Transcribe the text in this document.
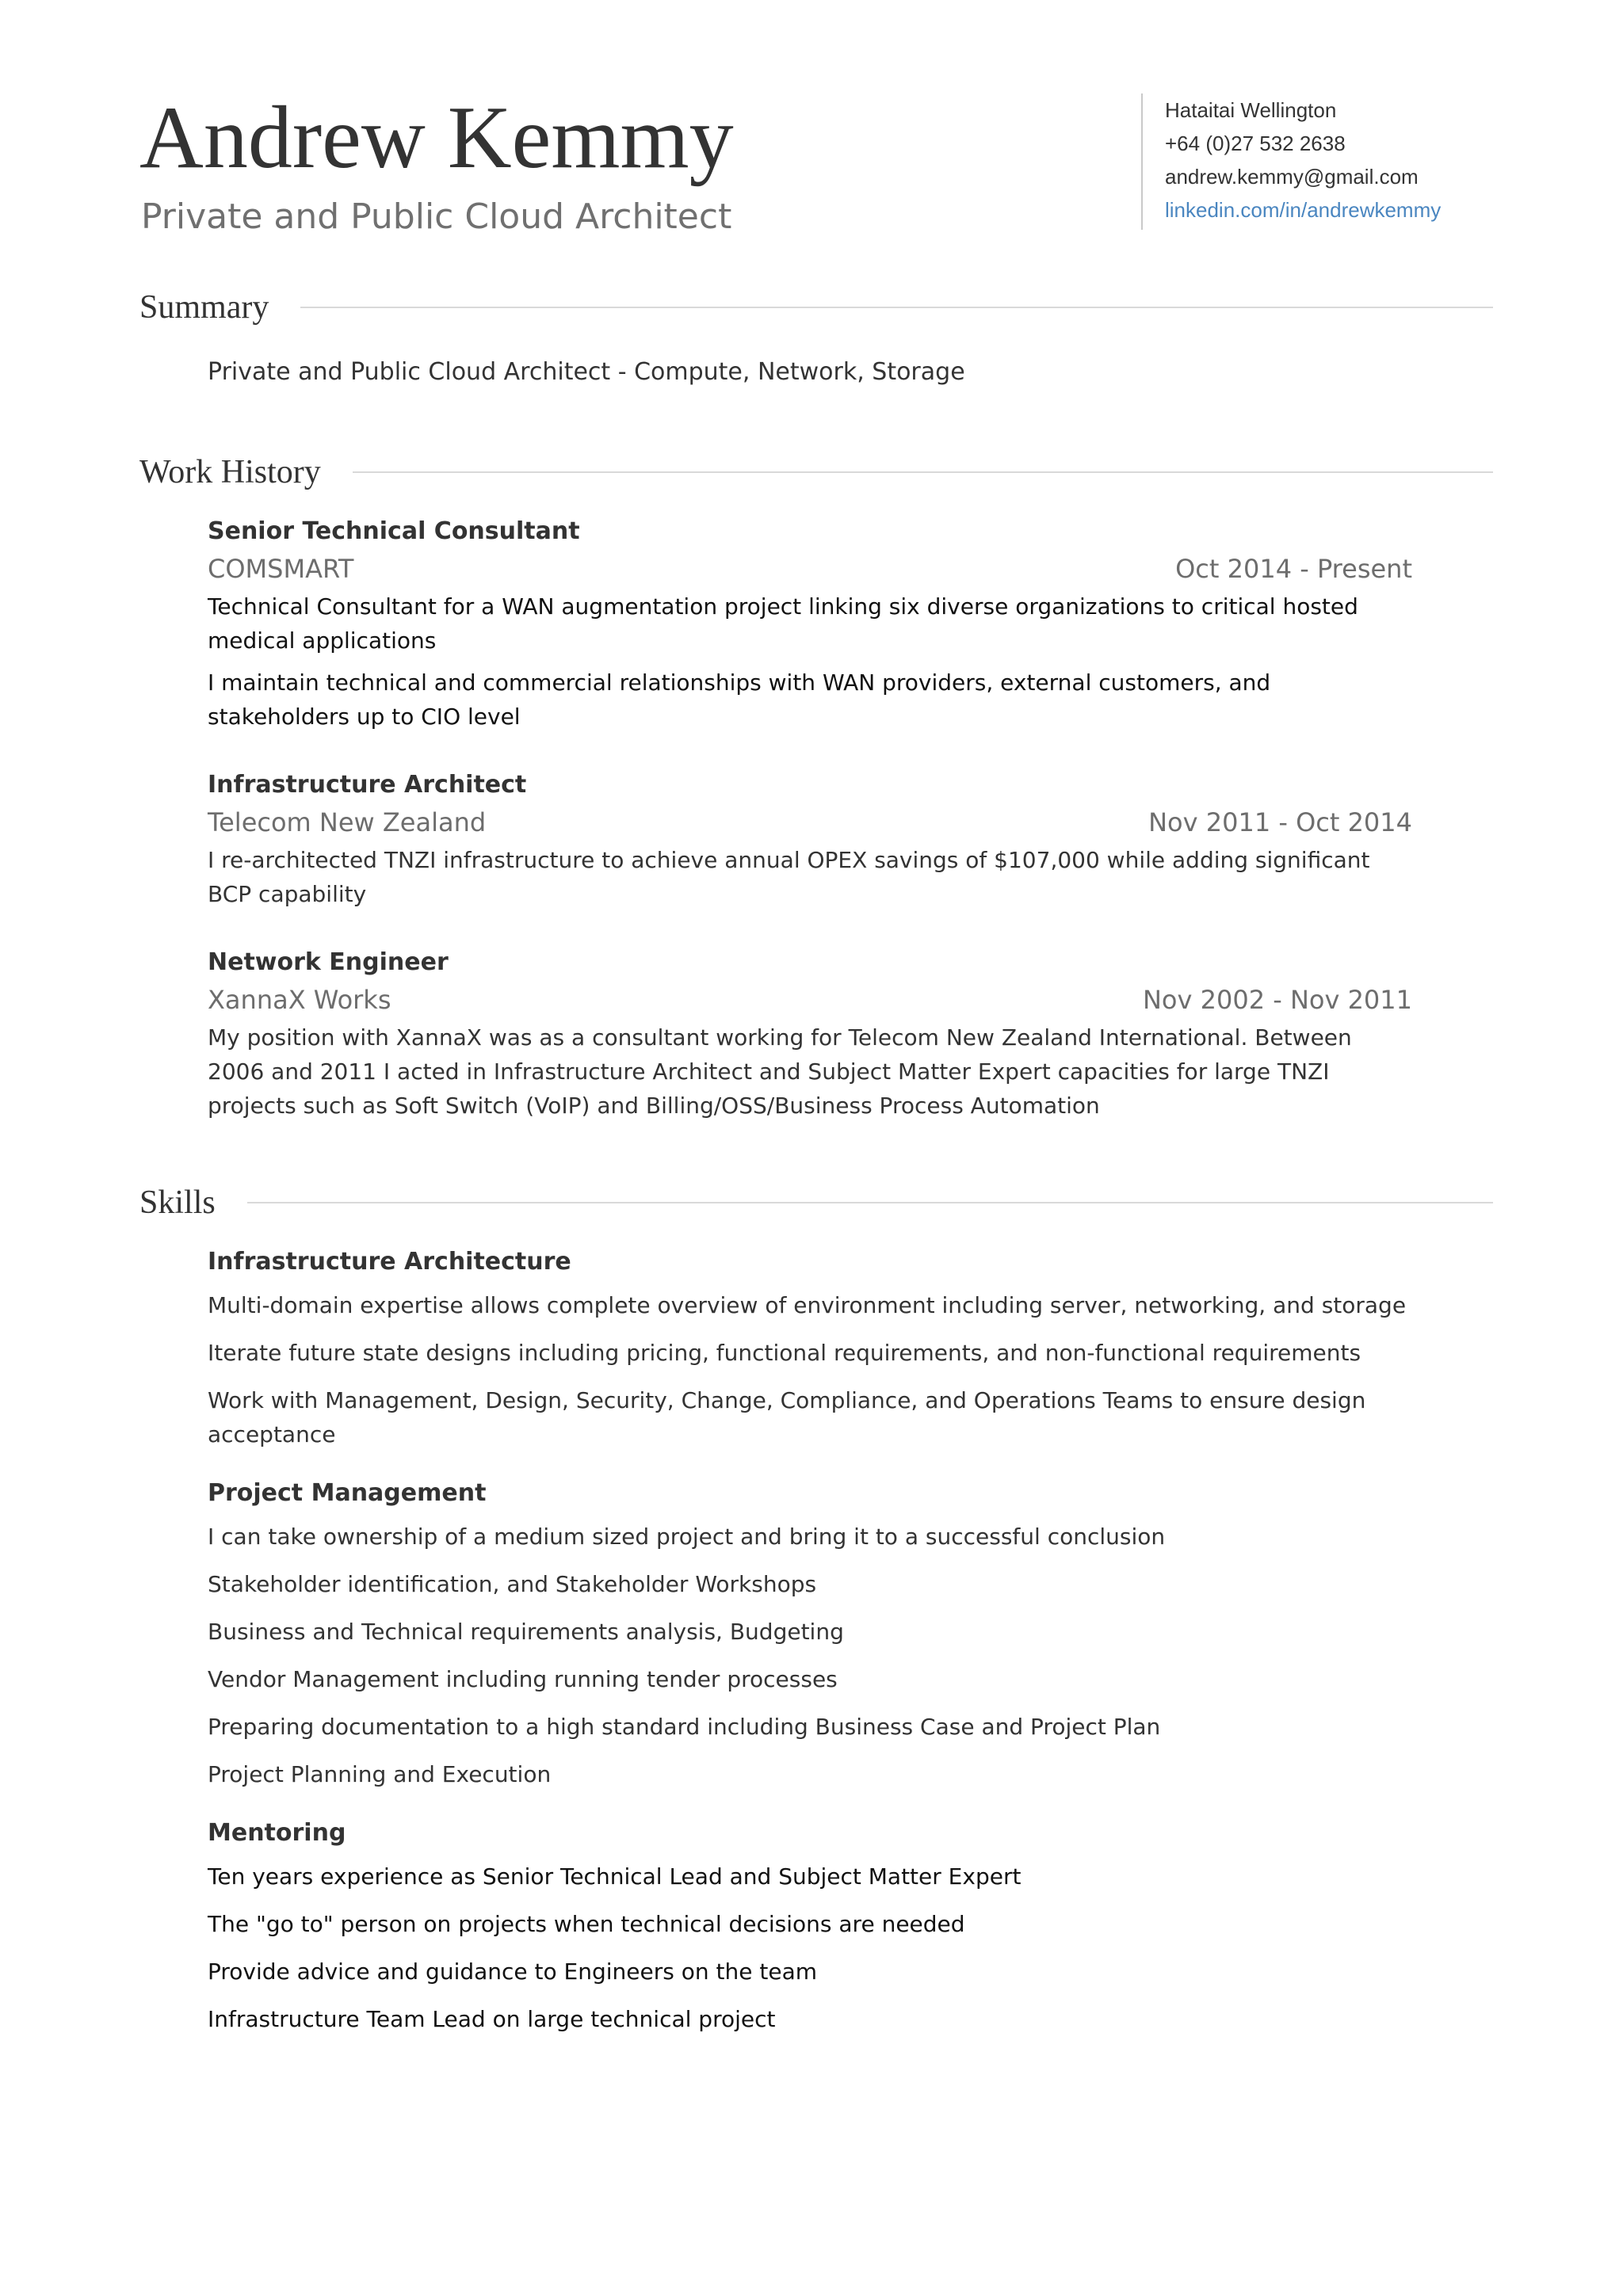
Andrew Kemmy
Private and Public Cloud Architect
Hataitai Wellington
+64 (0)27 532 2638
andrew.kemmy@gmail.com
linkedin.com/in/andrewkemmy
Summary
Private and Public Cloud Architect - Compute, Network, Storage
Work History
Senior Technical Consultant
COMSMART	Oct 2014 - Present
Technical Consultant for a WAN augmentation project linking six diverse organizations to critical hosted medical applications
I maintain technical and commercial relationships with WAN providers, external customers, and stakeholders up to CIO level
Infrastructure Architect
Telecom New Zealand	Nov 2011 - Oct 2014
I re-architected TNZI infrastructure to achieve annual OPEX savings of $107,000 while adding significant BCP capability
Network Engineer
XannaX Works	Nov 2002 - Nov 2011
My position with XannaX was as a consultant working for Telecom New Zealand International. Between 2006 and 2011 I acted in Infrastructure Architect and Subject Matter Expert capacities for large TNZI projects such as Soft Switch (VoIP) and Billing/OSS/Business Process Automation
Skills
Infrastructure Architecture
Multi-domain expertise allows complete overview of environment including server, networking, and storage
Iterate future state designs including pricing, functional requirements, and non-functional requirements
Work with Management, Design, Security, Change, Compliance, and Operations Teams to ensure design acceptance
Project Management
I can take ownership of a medium sized project and bring it to a successful conclusion
Stakeholder identification, and Stakeholder Workshops
Business and Technical requirements analysis, Budgeting
Vendor Management including running tender processes
Preparing documentation to a high standard including Business Case and Project Plan
Project Planning and Execution
Mentoring
Ten years experience as Senior Technical Lead and Subject Matter Expert
The "go to" person on projects when technical decisions are needed
Provide advice and guidance to Engineers on the team
Infrastructure Team Lead on large technical project
